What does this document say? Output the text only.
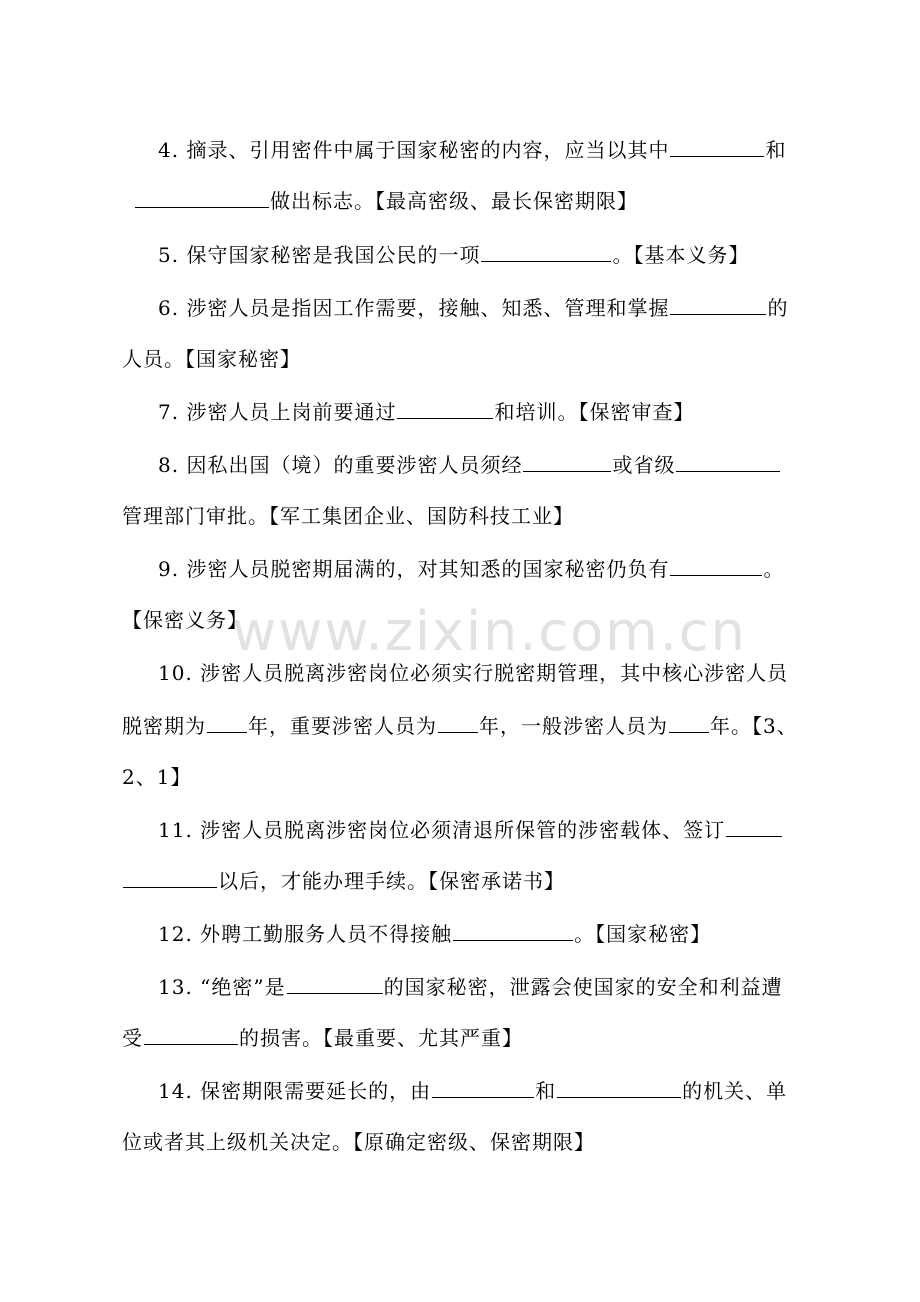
www.zixin.com.cn
4. 摘录、引用密件中属于国家秘密的内容，应当以其中	和
做出标志。【最高密级、最长保密期限】
5. 保守国家秘密是我国公民的一项	。【基本义务】
6. 涉密人员是指因工作需要，接触、知悉、管理和掌握	的
人员。【国家秘密】
7. 涉密人员上岗前要通过	和培训。【保密审查】
8. 因私出国（境）的重要涉密人员须经	或省级
管理部门审批。【军工集团企业、国防科技工业】
9. 涉密人员脱密期届满的，对其知悉的国家秘密仍负有	。
【保密义务】
10. 涉密人员脱离涉密岗位必须实行脱密期管理，其中核心涉密人员
脱密期为 年，重要涉密人员为 年，一般涉密人员为 年。【3、
2、1】
11. 涉密人员脱离涉密岗位必须清退所保管的涉密载体、签订
以后，才能办理手续。【保密承诺书】
12. 外聘工勤服务人员不得接触	。【国家秘密】
13. “绝密”是	的国家秘密，泄露会使国家的安全和利益遭
受	的损害。【最重要、尤其严重】
14. 保密期限需要延长的，由	和	的机关、单
位或者其上级机关决定。【原确定密级、保密期限】
